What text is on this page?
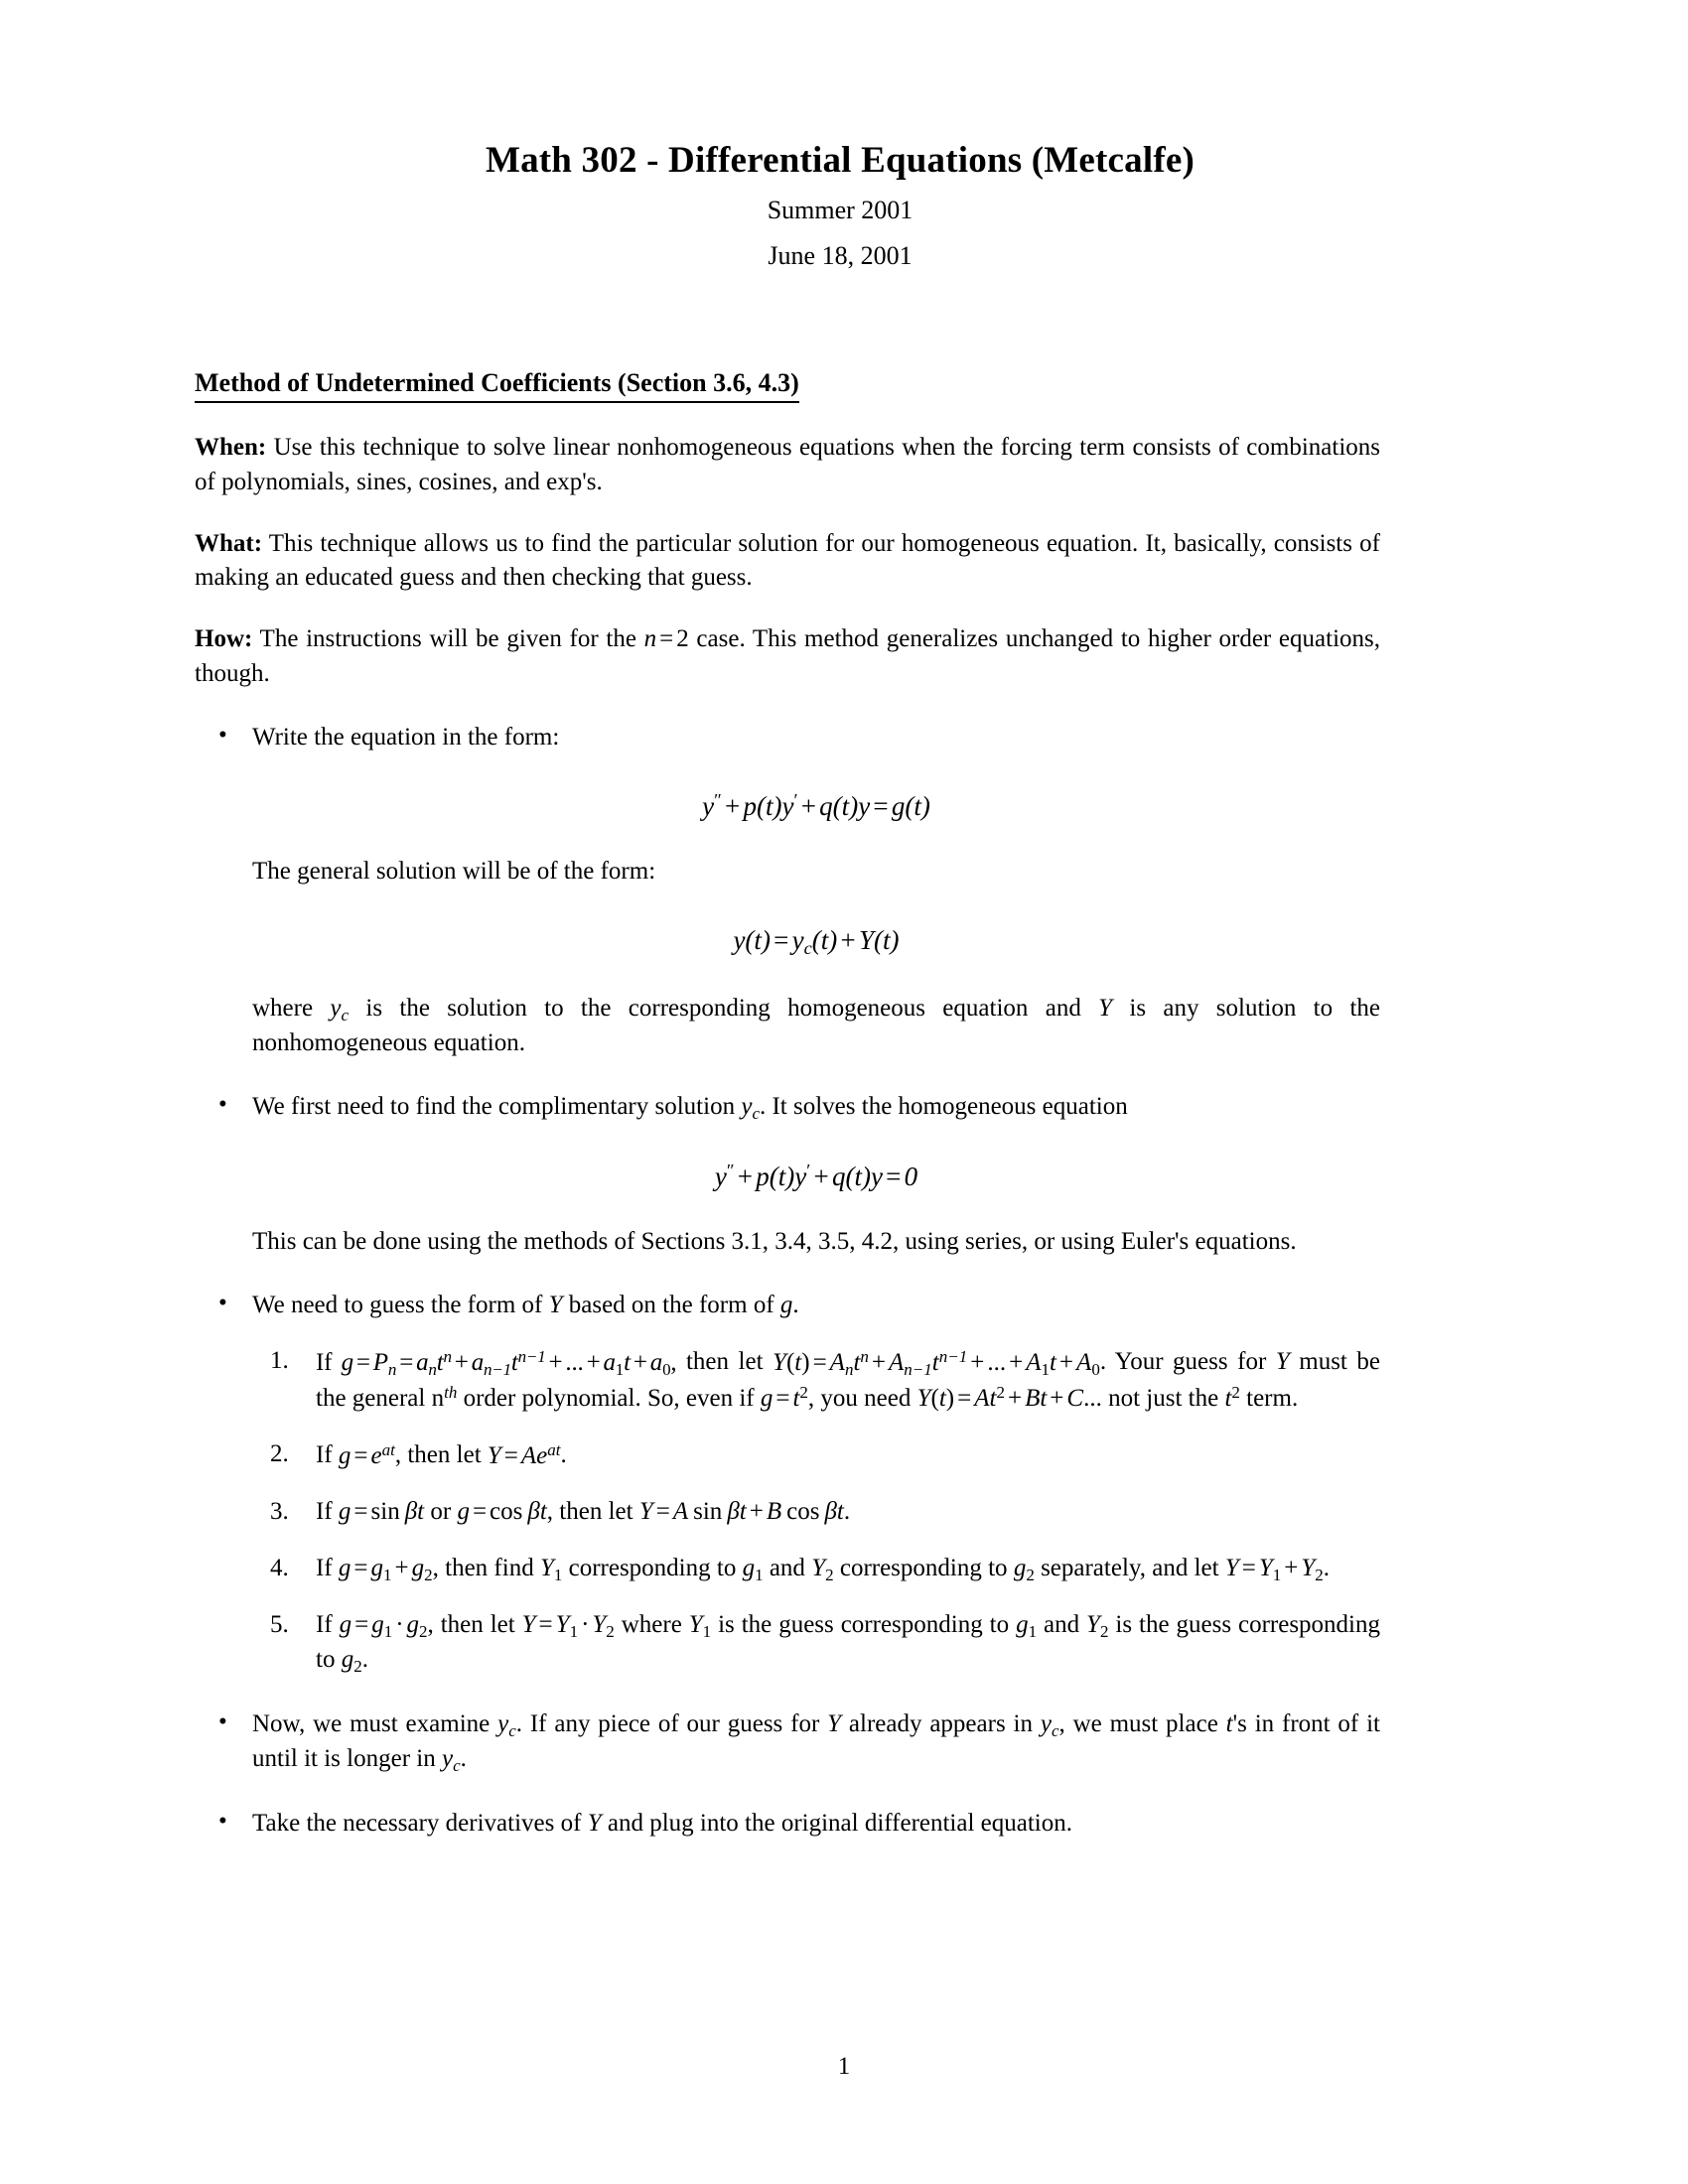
Math 302 - Differential Equations (Metcalfe)
Summer 2001
June 18, 2001
Method of Undetermined Coefficients (Section 3.6, 4.3)
When: Use this technique to solve linear nonhomogeneous equations when the forcing term consists of combinations of polynomials, sines, cosines, and exp's.
What: This technique allows us to find the particular solution for our homogeneous equation. It, basically, consists of making an educated guess and then checking that guess.
How: The instructions will be given for the n = 2 case. This method generalizes unchanged to higher order equations, though.
• Write the equation in the form:
y″ + p(t)y′ + q(t)y = g(t)
The general solution will be of the form:
$y(t) = y_c(t) + Y(t)$
where $y_c$ is the solution to the corresponding homogeneous equation and Y is any solution to the nonhomogeneous equation.
• We first need to find the complimentary solution $y_c$. It solves the homogeneous equation
y″ + p(t)y′ + q(t)y = 0
This can be done using the methods of Sections 3.1, 3.4, 3.5, 4.2, using series, or using Euler's equations.
• We need to guess the form of Y based on the form of g.
If $g = P_n = a_nt^n + a_{n-1}t^{n-1}$ + ... + a1t + a0, then let $Y(t) = A_nt^n + A_{n-1}t^{n-1}$ + ... + A1t + A0. Your guess for Y must be the general $n^{th}$ order polynomial. So, even if $g = t^2$, you need $Y(t) = At^2 + Bt + C$... not just the $t^2$ term.
If $g = e^{at}$, then let $Y = Ae^{at}$.
If g = sin βt or g = cos βt, then let Y = A sin βt + B cos βt.
If g = g1 + g2, then find Y1 corresponding to g1 and Y2 corresponding to g2 separately, and let Y = Y1 + Y2.
If g = g1 · g2, then let Y = Y1 · Y2 where Y1 is the guess corresponding to g1 and Y2 is the guess corresponding to g2.
• Now, we must examine $y_c$. If any piece of our guess for Y already appears in $y_c$, we must place t's in front of it until it is longer in $y_c$.
• Take the necessary derivatives of Y and plug into the original differential equation.
1
